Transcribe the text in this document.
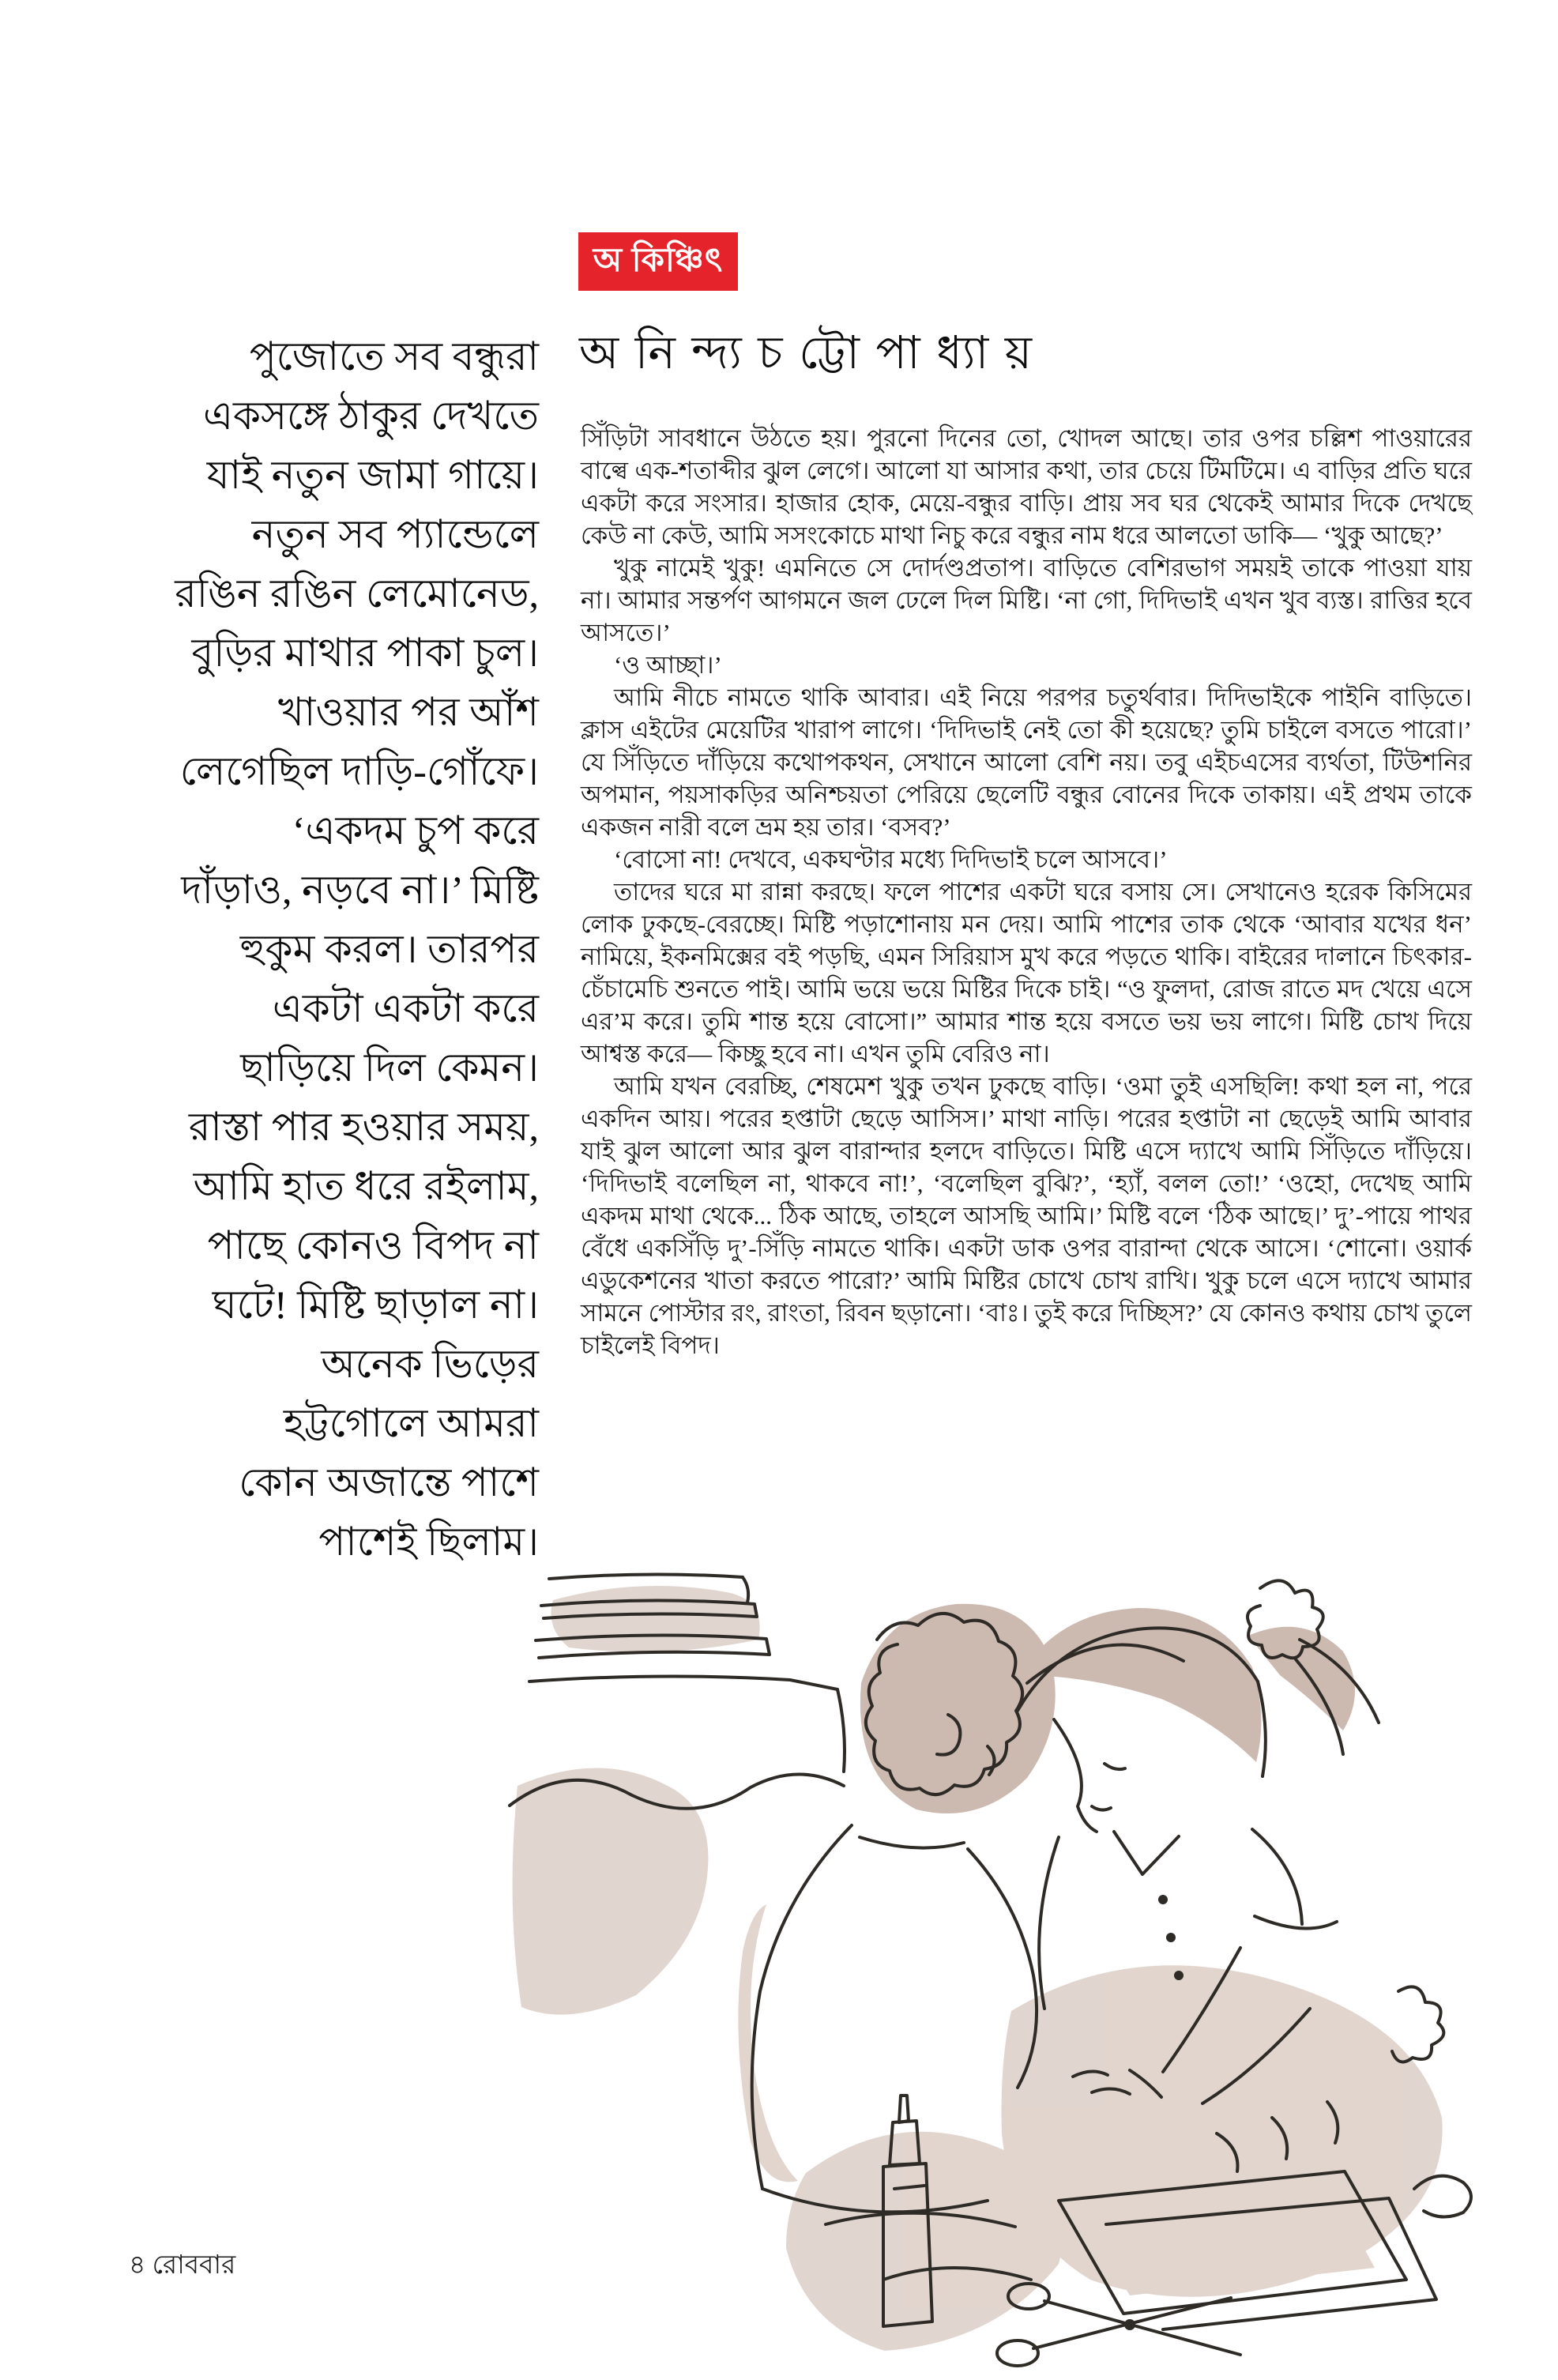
অ কিঞ্চিৎ
অ নি ন্দ্য চ ট্টো পা ধ্যা য়
পুজোতে সব বন্ধুরা
একসঙ্গে ঠাকুর দেখতে
যাই নতুন জামা গায়ে।
নতুন সব প্যান্ডেলে
রঙিন রঙিন লেমোনেড,
বুড়ির মাথার পাকা চুল।
খাওয়ার পর আঁশ
লেগেছিল দাড়ি-গোঁফে।
‘একদম চুপ করে
দাঁড়াও, নড়বে না।’ মিষ্টি
হুকুম করল। তারপর
একটা একটা করে
ছাড়িয়ে দিল কেমন।
রাস্তা পার হওয়ার সময়,
আমি হাত ধরে রইলাম,
পাছে কোনও বিপদ না
ঘটে! মিষ্টি ছাড়াল না।
অনেক ভিড়ের
হট্টগোলে আমরা
কোন অজান্তে পাশে
পাশেই ছিলাম।
সিঁড়িটা সাবধানে উঠতে হয়। পুরনো দিনের তো, খোদল আছে। তার ওপর চল্লিশ পাওয়ারের বাল্বে এক-শতাব্দীর ঝুল লেগে। আলো যা আসার কথা, তার চেয়ে টিমটিমে। এ বাড়ির প্রতি ঘরে একটা করে সংসার। হাজার হোক, মেয়ে-বন্ধুর বাড়ি। প্রায় সব ঘর থেকেই আমার দিকে দেখছে কেউ না কেউ, আমি সসংকোচে মাথা নিচু করে বন্ধুর নাম ধরে আলতো ডাকি— ‘খুকু আছে?’
খুকু নামেই খুকু! এমনিতে সে দোর্দণ্ডপ্রতাপ। বাড়িতে বেশিরভাগ সময়ই তাকে পাওয়া যায় না। আমার সন্তর্পণ আগমনে জল ঢেলে দিল মিষ্টি। ‘না গো, দিদিভাই এখন খুব ব্যস্ত। রাত্তির হবে আসতে।’
‘ও আচ্ছা।’
আমি নীচে নামতে থাকি আবার। এই নিয়ে পরপর চতুর্থবার। দিদিভাইকে পাইনি বাড়িতে। ক্লাস এইটের মেয়েটির খারাপ লাগে। ‘দিদিভাই নেই তো কী হয়েছে? তুমি চাইলে বসতে পারো।’ যে সিঁড়িতে দাঁড়িয়ে কথোপকথন, সেখানে আলো বেশি নয়। তবু এইচএসের ব্যর্থতা, টিউশনির অপমান, পয়সাকড়ির অনিশ্চয়তা পেরিয়ে ছেলেটি বন্ধুর বোনের দিকে তাকায়। এই প্রথম তাকে একজন নারী বলে ভ্রম হয় তার। ‘বসব?’
‘বোসো না! দেখবে, একঘণ্টার মধ্যে দিদিভাই চলে আসবে।’
তাদের ঘরে মা রান্না করছে। ফলে পাশের একটা ঘরে বসায় সে। সেখানেও হরেক কিসিমের লোক ঢুকছে-বেরচ্ছে। মিষ্টি পড়াশোনায় মন দেয়। আমি পাশের তাক থেকে ‘আবার যখের ধন’ নামিয়ে, ইকনমিক্সের বই পড়ছি, এমন সিরিয়াস মুখ করে পড়তে থাকি। বাইরের দালানে চিৎকার-চেঁচামেচি শুনতে পাই। আমি ভয়ে ভয়ে মিষ্টির দিকে চাই। “ও ফুলদা, রোজ রাতে মদ খেয়ে এসে এর’ম করে। তুমি শান্ত হয়ে বোসো।” আমার শান্ত হয়ে বসতে ভয় ভয় লাগে। মিষ্টি চোখ দিয়ে আশ্বস্ত করে— কিচ্ছু হবে না। এখন তুমি বেরিও না।
আমি যখন বেরচ্ছি, শেষমেশ খুকু তখন ঢুকছে বাড়ি। ‘ওমা তুই এসছিলি! কথা হল না, পরে একদিন আয়। পরের হপ্তাটা ছেড়ে আসিস।’ মাথা নাড়ি। পরের হপ্তাটা না ছেড়েই আমি আবার যাই ঝুল আলো আর ঝুল বারান্দার হলদে বাড়িতে। মিষ্টি এসে দ্যাখে আমি সিঁড়িতে দাঁড়িয়ে। ‘দিদিভাই বলেছিল না, থাকবে না!’, ‘বলেছিল বুঝি?’, ‘হ্যাঁ, বলল তো!’ ‘ওহো, দেখেছ আমি একদম মাথা থেকে... ঠিক আছে, তাহলে আসছি আমি।’ মিষ্টি বলে ‘ঠিক আছে।’ দু’-পায়ে পাথর বেঁধে একসিঁড়ি দু’-সিঁড়ি নামতে থাকি। একটা ডাক ওপর বারান্দা থেকে আসে। ‘শোনো। ওয়ার্ক এডুকেশনের খাতা করতে পারো?’ আমি মিষ্টির চোখে চোখ রাখি। খুকু চলে এসে দ্যাখে আমার সামনে পোস্টার রং, রাংতা, রিবন ছড়ানো। ‘বাঃ। তুই করে দিচ্ছিস?’ যে কোনও কথায় চোখ তুলে চাইলেই বিপদ।
৪ রোববার
